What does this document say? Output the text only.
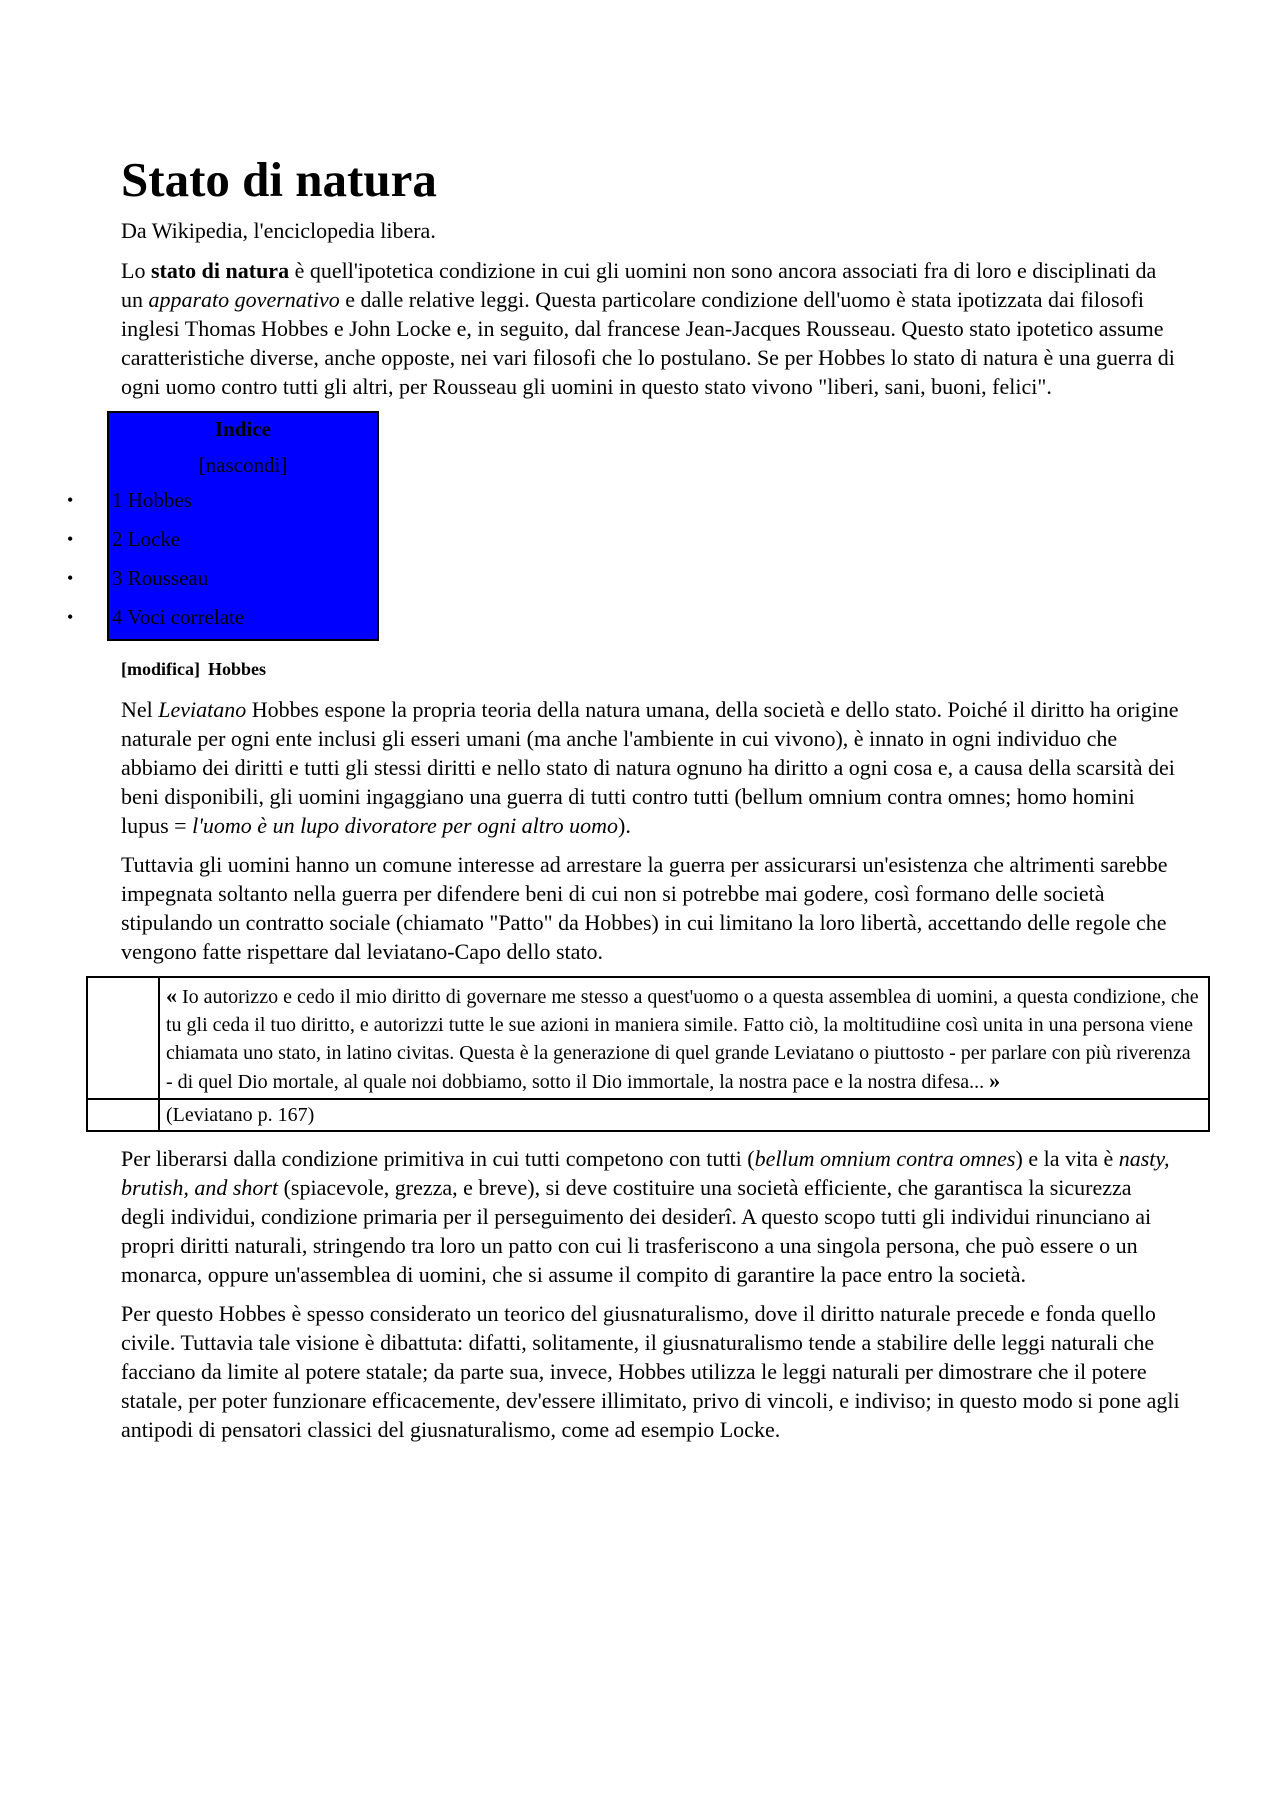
Stato di natura
Da Wikipedia, l'enciclopedia libera.

Lo stato di natura è quell'ipotetica condizione in cui gli uomini non sono ancora associati fra di loro e disciplinati da un apparato governativo e dalle relative leggi. Questa particolare condizione dell'uomo è stata ipotizzata dai filosofi inglesi Thomas Hobbes e John Locke e, in seguito, dal francese Jean-Jacques Rousseau. Questo stato ipotetico assume caratteristiche diverse, anche opposte, nei vari filosofi che lo postulano. Se per Hobbes lo stato di natura è una guerra di ogni uomo contro tutti gli altri, per Rousseau gli uomini in questo stato vivono "liberi, sani, buoni, felici".

Indice
[nascondi]
• 1 Hobbes
• 2 Locke
• 3 Rousseau
• 4 Voci correlate
[modifica] Hobbes

Nel Leviatano Hobbes espone la propria teoria della natura umana, della società e dello stato. Poiché il diritto ha origine naturale per ogni ente inclusi gli esseri umani (ma anche l'ambiente in cui vivono), è innato in ogni individuo che abbiamo dei diritti e tutti gli stessi diritti e nello stato di natura ognuno ha diritto a ogni cosa e, a causa della scarsità dei beni disponibili, gli uomini ingaggiano una guerra di tutti contro tutti (bellum omnium contra omnes; homo homini lupus = l'uomo è un lupo divoratore per ogni altro uomo).

Tuttavia gli uomini hanno un comune interesse ad arrestare la guerra per assicurarsi un'esistenza che altrimenti sarebbe impegnata soltanto nella guerra per difendere beni di cui non si potrebbe mai godere, così formano delle società stipulando un contratto sociale (chiamato "Patto" da Hobbes) in cui limitano la loro libertà, accettando delle regole che vengono fatte rispettare dal leviatano-Capo dello stato.

	« Io autorizzo e cedo il mio diritto di governare me stesso a quest'uomo o a questa assemblea di uomini, a questa condizione, che tu gli ceda il tuo diritto, e autorizzi tutte le sue azioni in maniera simile. Fatto ciò, la moltitudiine così unita in una persona viene chiamata uno stato, in latino civitas. Questa è la generazione di quel grande Leviatano o piuttosto - per parlare con più riverenza - di quel Dio mortale, al quale noi dobbiamo, sotto il Dio immortale, la nostra pace e la nostra difesa... »
	(Leviatano p. 167)

Per liberarsi dalla condizione primitiva in cui tutti competono con tutti (bellum omnium contra omnes) e la vita è nasty, brutish, and short (spiacevole, grezza, e breve), si deve costituire una società efficiente, che garantisca la sicurezza degli individui, condizione primaria per il perseguimento dei desiderî. A questo scopo tutti gli individui rinunciano ai propri diritti naturali, stringendo tra loro un patto con cui li trasferiscono a una singola persona, che può essere o un monarca, oppure un'assemblea di uomini, che si assume il compito di garantire la pace entro la società.

Per questo Hobbes è spesso considerato un teorico del giusnaturalismo, dove il diritto naturale precede e fonda quello civile. Tuttavia tale visione è dibattuta: difatti, solitamente, il giusnaturalismo tende a stabilire delle leggi naturali che facciano da limite al potere statale; da parte sua, invece, Hobbes utilizza le leggi naturali per dimostrare che il potere statale, per poter funzionare efficacemente, dev'essere illimitato, privo di vincoli, e indiviso; in questo modo si pone agli antipodi di pensatori classici del giusnaturalismo, come ad esempio Locke.
